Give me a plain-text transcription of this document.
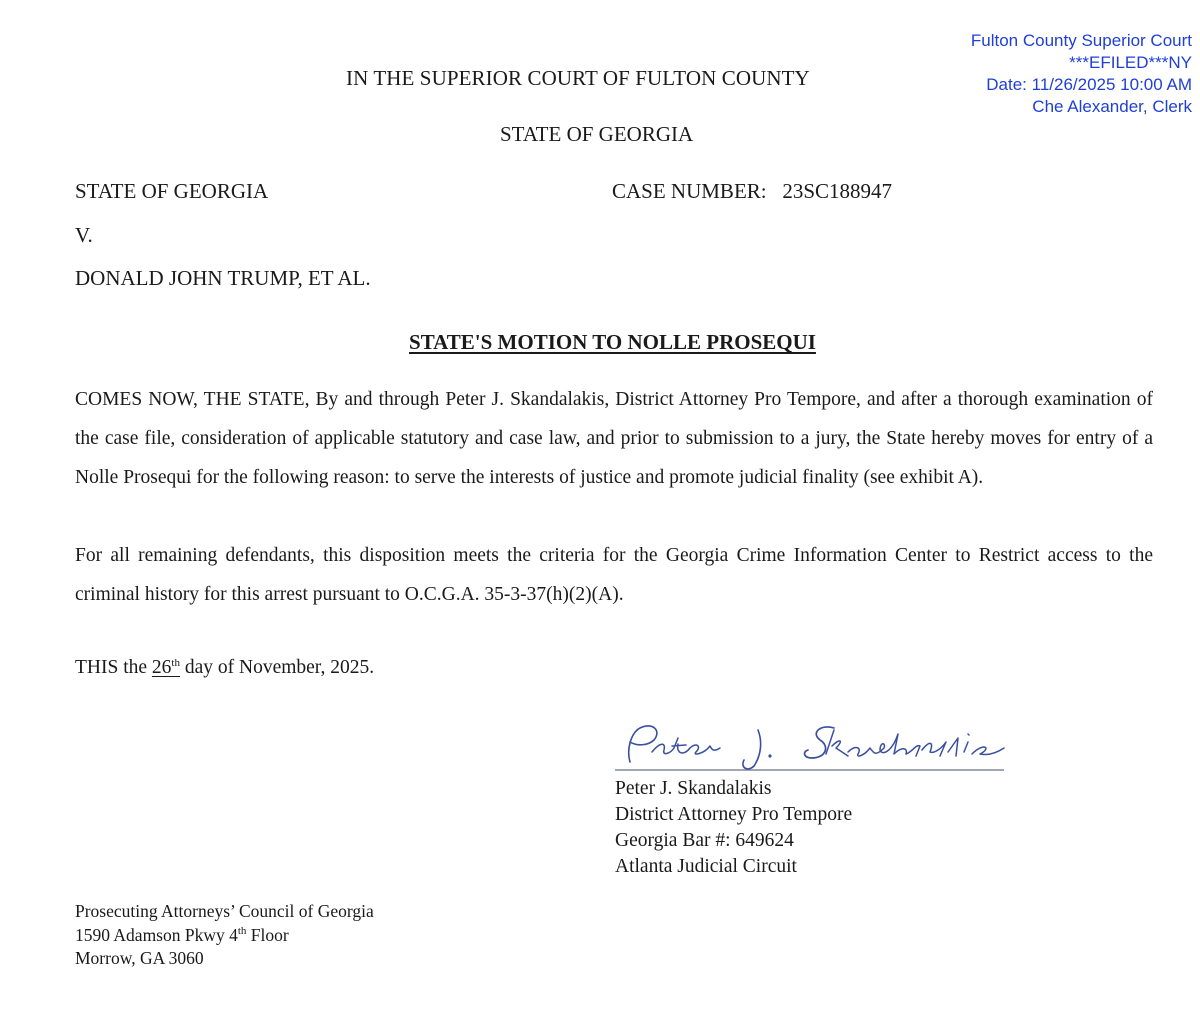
Fulton County Superior Court
***EFILED***NY
Date: 11/26/2025 10:00 AM
Che Alexander, Clerk
IN THE SUPERIOR COURT OF FULTON COUNTY
STATE OF GEORGIA
STATE OF GEORGIA	CASE NUMBER: 23SC188947
V.
DONALD JOHN TRUMP, ET AL.
STATE'S MOTION TO NOLLE PROSEQUI
COMES NOW, THE STATE, By and through Peter J. Skandalakis, District Attorney Pro Tempore, and after a thorough examination of the case file, consideration of applicable statutory and case law, and prior to submission to a jury, the State hereby moves for entry of a Nolle Prosequi for the following reason: to serve the interests of justice and promote judicial finality (see exhibit A).
For all remaining defendants, this disposition meets the criteria for the Georgia Crime Information Center to Restrict access to the criminal history for this arrest pursuant to O.C.G.A. 35-3-37(h)(2)(A).
THIS the 26th day of November, 2025.
Peter J. Skandalakis
District Attorney Pro Tempore
Georgia Bar #: 649624
Atlanta Judicial Circuit
Prosecuting Attorneys’ Council of Georgia
1590 Adamson Pkwy 4th Floor
Morrow, GA 3060
